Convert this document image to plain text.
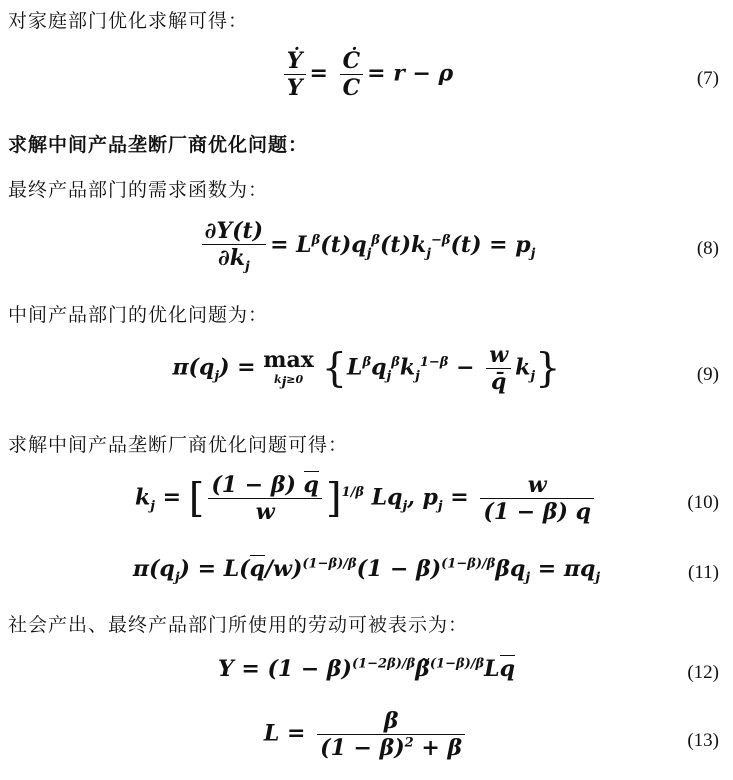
对家庭部门优化求解可得：
$\frac{\text{Ẏ}}{Y} = \frac{Ċ}{C} = r - \rho$	(7)
求解中间产品垄断厂商优化问题：
最终产品部门的需求函数为：
$\frac{\partial Y(t)}{\partial k_j} = L^\beta(t)q_j^\beta(t)k_j^{-\beta}(t) = p_j$	(8)
中间产品部门的优化问题为：
$\pi(q_j) = \max$
$k_j\ge 0$ $\{L^\beta q_j^\beta k_j^{1-\beta} - \frac{w}{q̄} k_j\}$	(9)
求解中间产品垄断厂商优化问题可得：
$k_j$ = [ $\frac{(1 - \beta) q}{w} ]^{1/\beta}$ $Lq_j$, $p_j = \frac{w}{(1 - \beta) q}$	(10)
$\pi(q_j) = L(q/w)^{(1-\beta)/\beta}(1 - \beta)^{(1-\beta)/\beta}\beta q_j = \pi q_j$	(11)
社会产出、最终产品部门所使用的劳动可被表示为：
$Y = (1 - \beta)^{(1-2\beta)/\beta}\betã^{(1-\beta)/\beta}Lq$	(12)
$L = \frac{\beta}{(1 - \beta)^2 + \beta}$	(13)
